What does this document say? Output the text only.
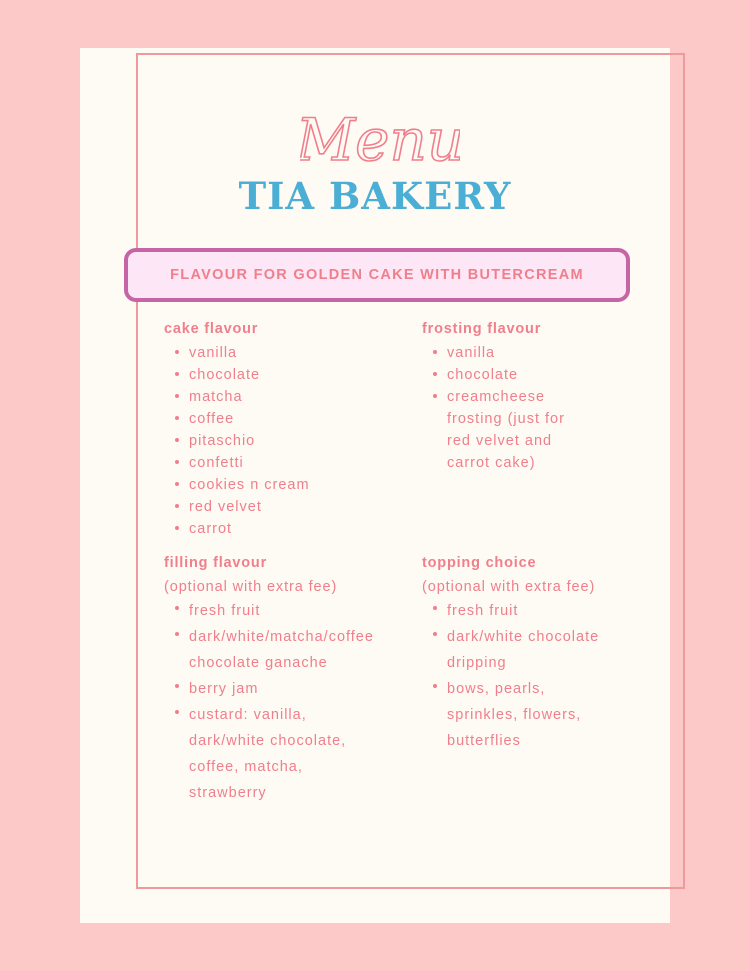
Menu
TIA BAKERY
FLAVOUR FOR GOLDEN CAKE WITH BUTERCREAM
cake flavour
vanilla
chocolate
matcha
coffee
pitaschio
confetti
cookies n cream
red velvet
carrot
frosting flavour
vanilla
chocolate
creamcheese frosting (just for red velvet and carrot cake)
filling flavour
(optional with extra fee)
fresh fruit
dark/white/matcha/coffee chocolate ganache
berry jam
custard: vanilla, dark/white chocolate, coffee, matcha, strawberry
topping choice
(optional with extra fee)
fresh fruit
dark/white chocolate dripping
bows, pearls, sprinkles, flowers, butterflies
